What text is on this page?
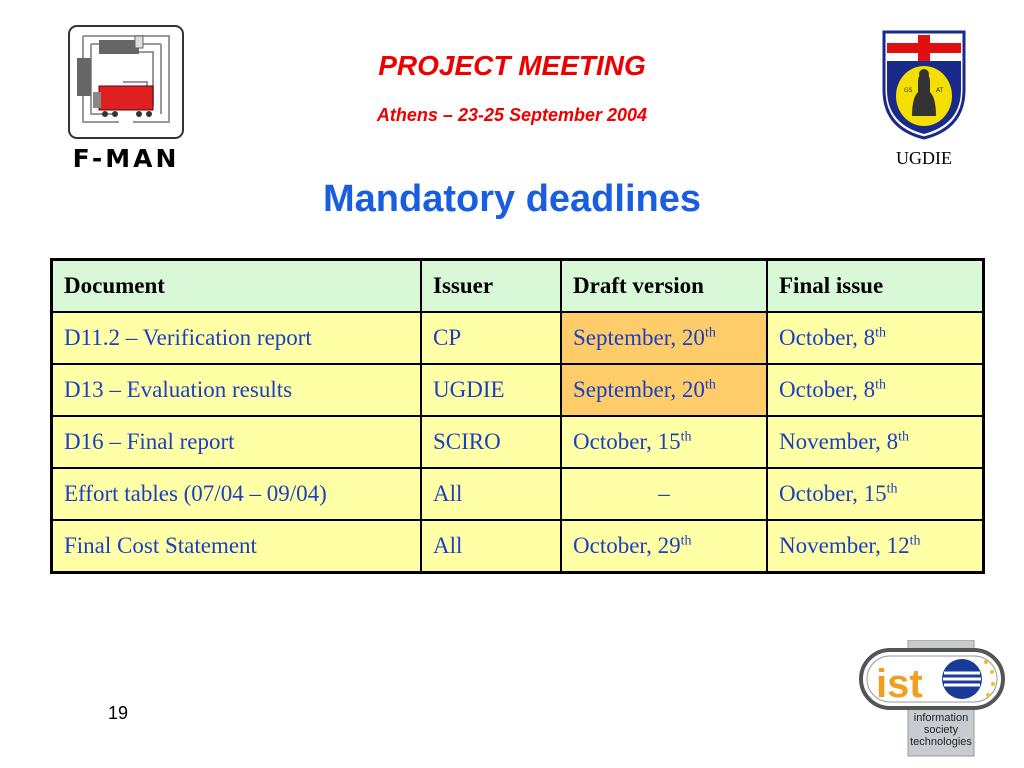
F-MAN
PROJECT MEETING
Athens – 23-25 September 2004
GS	AT
UGDIE
Mandatory deadlines
Document	Issuer	Draft version	Final issue
D11.2 – Verification report	CP	September, 20th	October, 8th
D13 – Evaluation results	UGDIE	September, 20th	October, 8th
D16 – Final report	SCIRO	October, 15th	November, 8th
Effort tables (07/04 – 09/04)	All	–	October, 15th
Final Cost Statement	All	October, 29th	November, 12th
19
ist
information
society
technologies
